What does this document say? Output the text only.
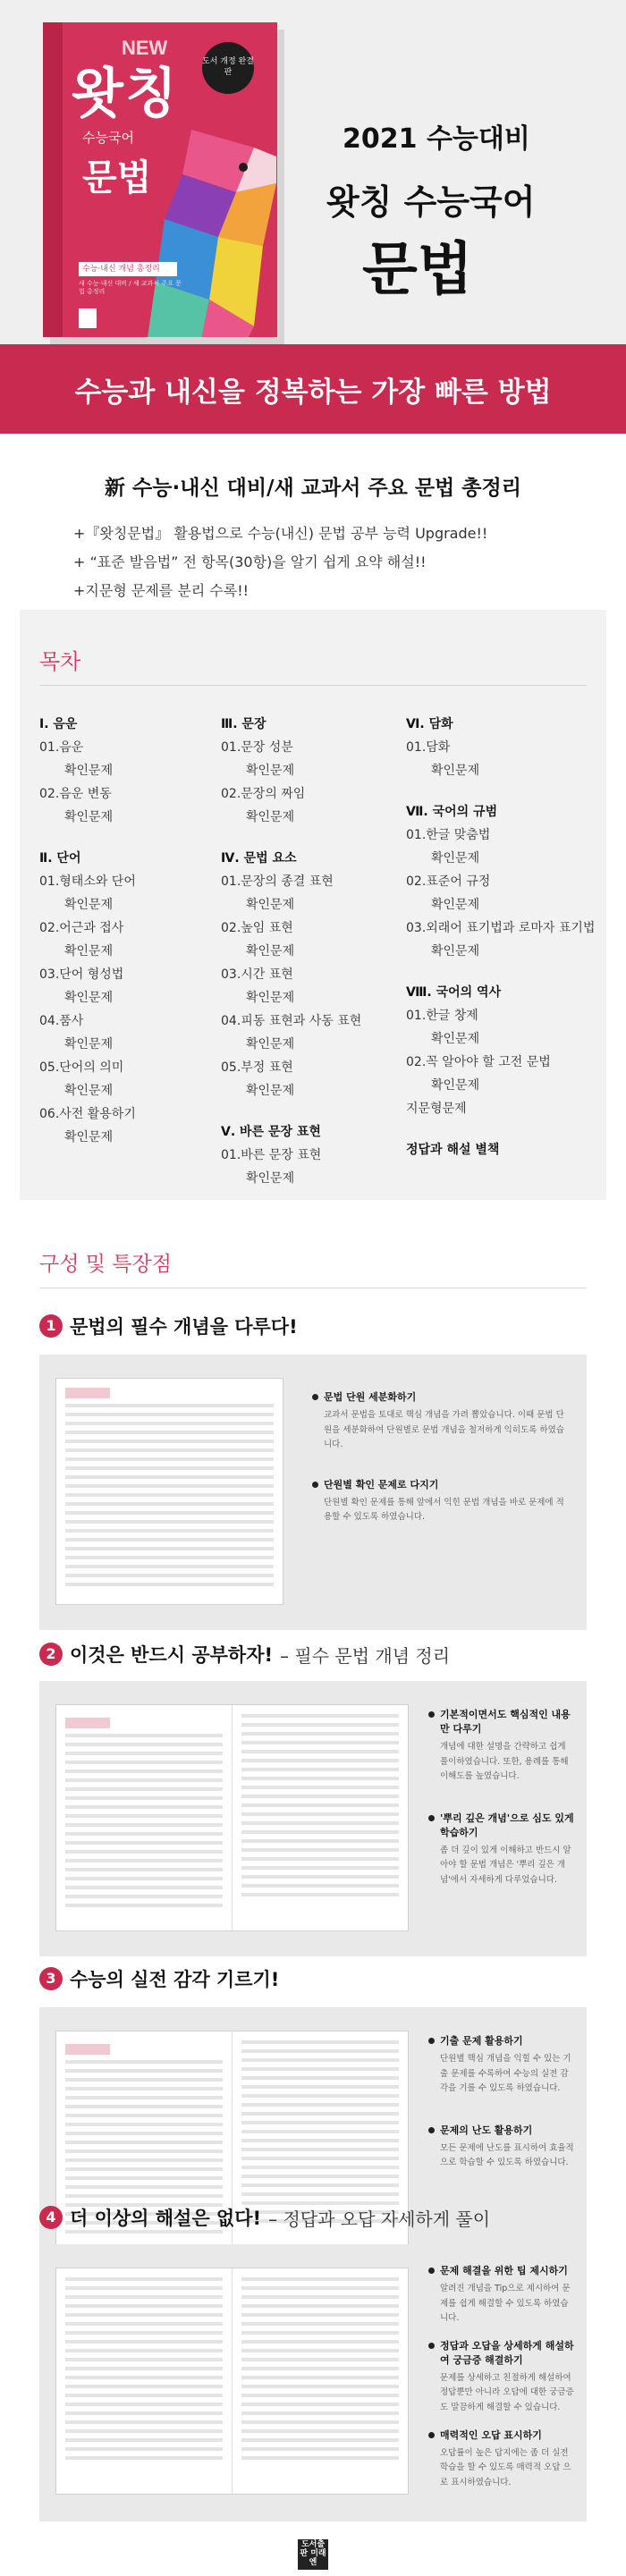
NEW
왓칭
수능국어
문법
도서 개정 완결판
수능·내신 개념 총정리
새 수능·내신 대비 / 새 교과서 주요 문법 총정리
2021 수능대비
왓칭 수능국어
문법
수능과 내신을 정복하는 가장 빠른 방법
新 수능·내신 대비/새 교과서 주요 문법 총정리
+『왓칭문법』 활용법으로 수능(내신) 문법 공부 능력 Upgrade!!
+ “표준 발음법” 전 항목(30항)을 알기 쉽게 요약 해설!!
+지문형 문제를 분리 수록!!
목차
Ⅰ. 음운
01.음운
확인문제
02.음운 변동
확인문제
Ⅱ. 단어
01.형태소와 단어
확인문제
02.어근과 접사
확인문제
03.단어 형성법
확인문제
04.품사
확인문제
05.단어의 의미
확인문제
06.사전 활용하기
확인문제
Ⅲ. 문장
01.문장 성분
확인문제
02.문장의 짜임
확인문제
Ⅳ. 문법 요소
01.문장의 종결 표현
확인문제
02.높임 표현
확인문제
03.시간 표현
확인문제
04.피동 표현과 사동 표현
확인문제
05.부정 표현
확인문제
Ⅴ. 바른 문장 표현
01.바른 문장 표현
확인문제
Ⅵ. 담화
01.담화
확인문제
Ⅶ. 국어의 규범
01.한글 맞춤법
확인문제
02.표준어 규정
확인문제
03.외래어 표기법과 로마자 표기법
확인문제
Ⅷ. 국어의 역사
01.한글 창제
확인문제
02.꼭 알아야 할 고전 문법
확인문제
지문형문제
정답과 해설 별책
구성 및 특장점
1 문법의 필수 개념을 다루다!
문법 단원 세분화하기
교과서 문법을 토대로 핵심 개념을 가려 뽑았습니다. 이때 문법 단원을 세분화하여 단원별로 문법 개념을 철저하게 익히도록 하였습니다.
단원별 확인 문제로 다지기
단원별 확인 문제를 통해 앞에서 익힌 문법 개념을 바로 문제에 적용할 수 있도록 하였습니다.
2 이것은 반드시 공부하자! – 필수 문법 개념 정리
기본적이면서도 핵심적인 내용만 다루기
개념에 대한 설명을 간략하고 쉽게 풀이하였습니다. 또한, 용례를 통해 이해도를 높였습니다.
'뿌리 깊은 개념'으로 심도 있게 학습하기
좀 더 깊이 있게 이해하고 반드시 알아야 할 문법 개념은 '뿌리 깊은 개념'에서 자세하게 다루었습니다.
3 수능의 실전 감각 기르기!
기출 문제 활용하기
단원별 핵심 개념을 익힐 수 있는 기출 문제를 수록하여 수능의 실전 감각을 기를 수 있도록 하였습니다.
문제의 난도 활용하기
모든 문제에 난도를 표시하여 효율적으로 학습할 수 있도록 하였습니다.
4 더 이상의 해설은 없다! – 정답과 오답 자세하게 풀이
문제 해결을 위한 팁 제시하기
알려진 개념을 Tip으로 제시하여 문제를 쉽게 해결할 수 있도록 하였습니다.
정답과 오답을 상세하게 해설하여 궁금증 해결하기
문제를 상세하고 친절하게 해설하여 정답뿐만 아니라 오답에 대한 궁금증도 말끔하게 해결할 수 있습니다.
매력적인 오답 표시하기
오답률이 높은 답지에는 좀 더 실전 학습을 할 수 있도록 매력적 오답 으로 표시하였습니다.
도서출판 미래엔
